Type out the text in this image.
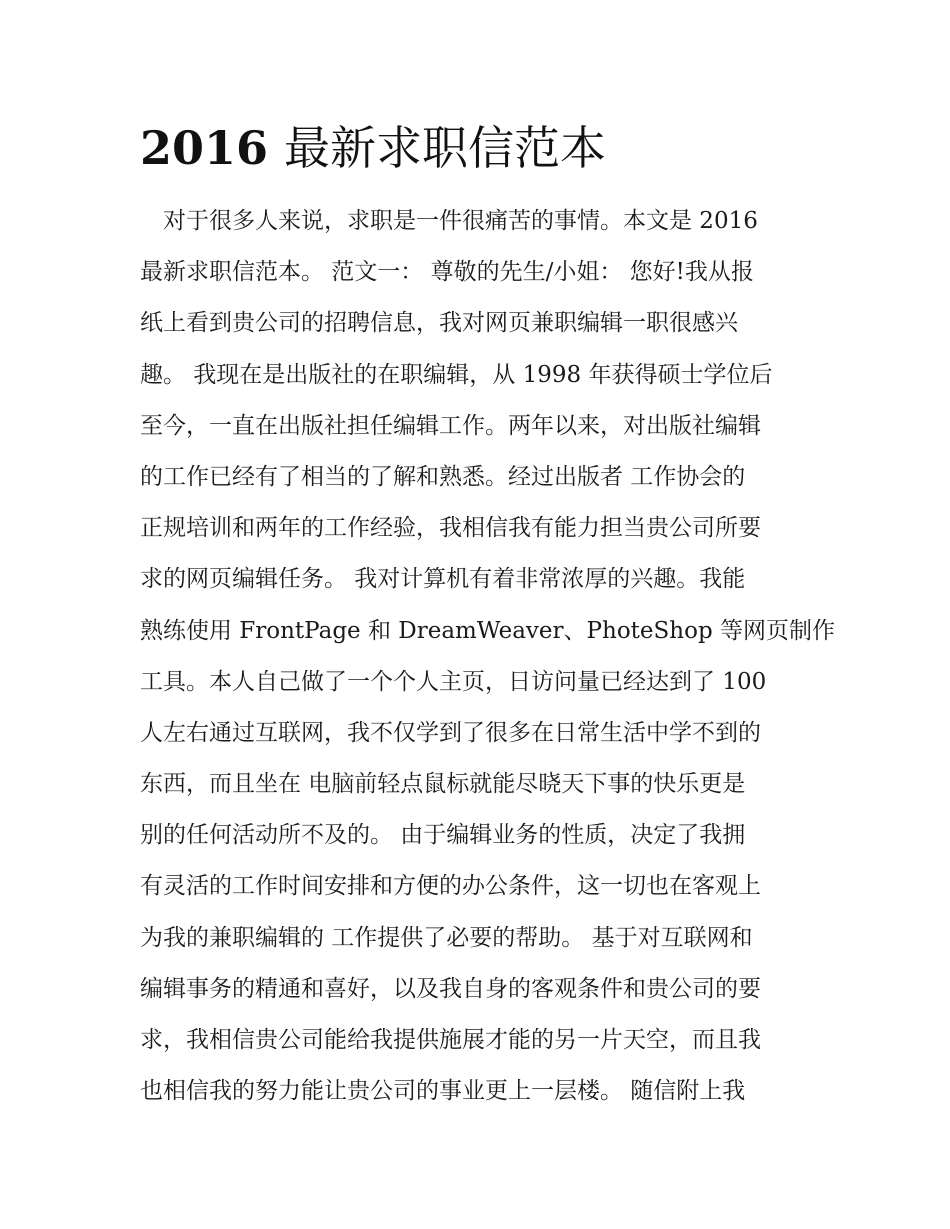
2016 最新求职信范本
　对于很多人来说，求职是一件很痛苦的事情。本文是 2016
最新求职信范本。 范文一： 尊敬的先生/小姐： 您好!我从报
纸上看到贵公司的招聘信息，我对网页兼职编辑一职很感兴
趣。 我现在是出版社的在职编辑，从 1998 年获得硕士学位后
至今，一直在出版社担任编辑工作。两年以来，对出版社编辑
的工作已经有了相当的了解和熟悉。经过出版者 工作协会的
正规培训和两年的工作经验，我相信我有能力担当贵公司所要
求的网页编辑任务。 我对计算机有着非常浓厚的兴趣。我能
熟练使用 FrontPage 和 DreamWeaver、PhoteShop 等网页制作
工具。本人自己做了一个个人主页，日访问量已经达到了 100
人左右通过互联网，我不仅学到了很多在日常生活中学不到的
东西，而且坐在 电脑前轻点鼠标就能尽晓天下事的快乐更是
别的任何活动所不及的。 由于编辑业务的性质，决定了我拥
有灵活的工作时间安排和方便的办公条件，这一切也在客观上
为我的兼职编辑的 工作提供了必要的帮助。 基于对互联网和
编辑事务的精通和喜好，以及我自身的客观条件和贵公司的要
求，我相信贵公司能给我提供施展才能的另一片天空，而且我
也相信我的努力能让贵公司的事业更上一层楼。 随信附上我
